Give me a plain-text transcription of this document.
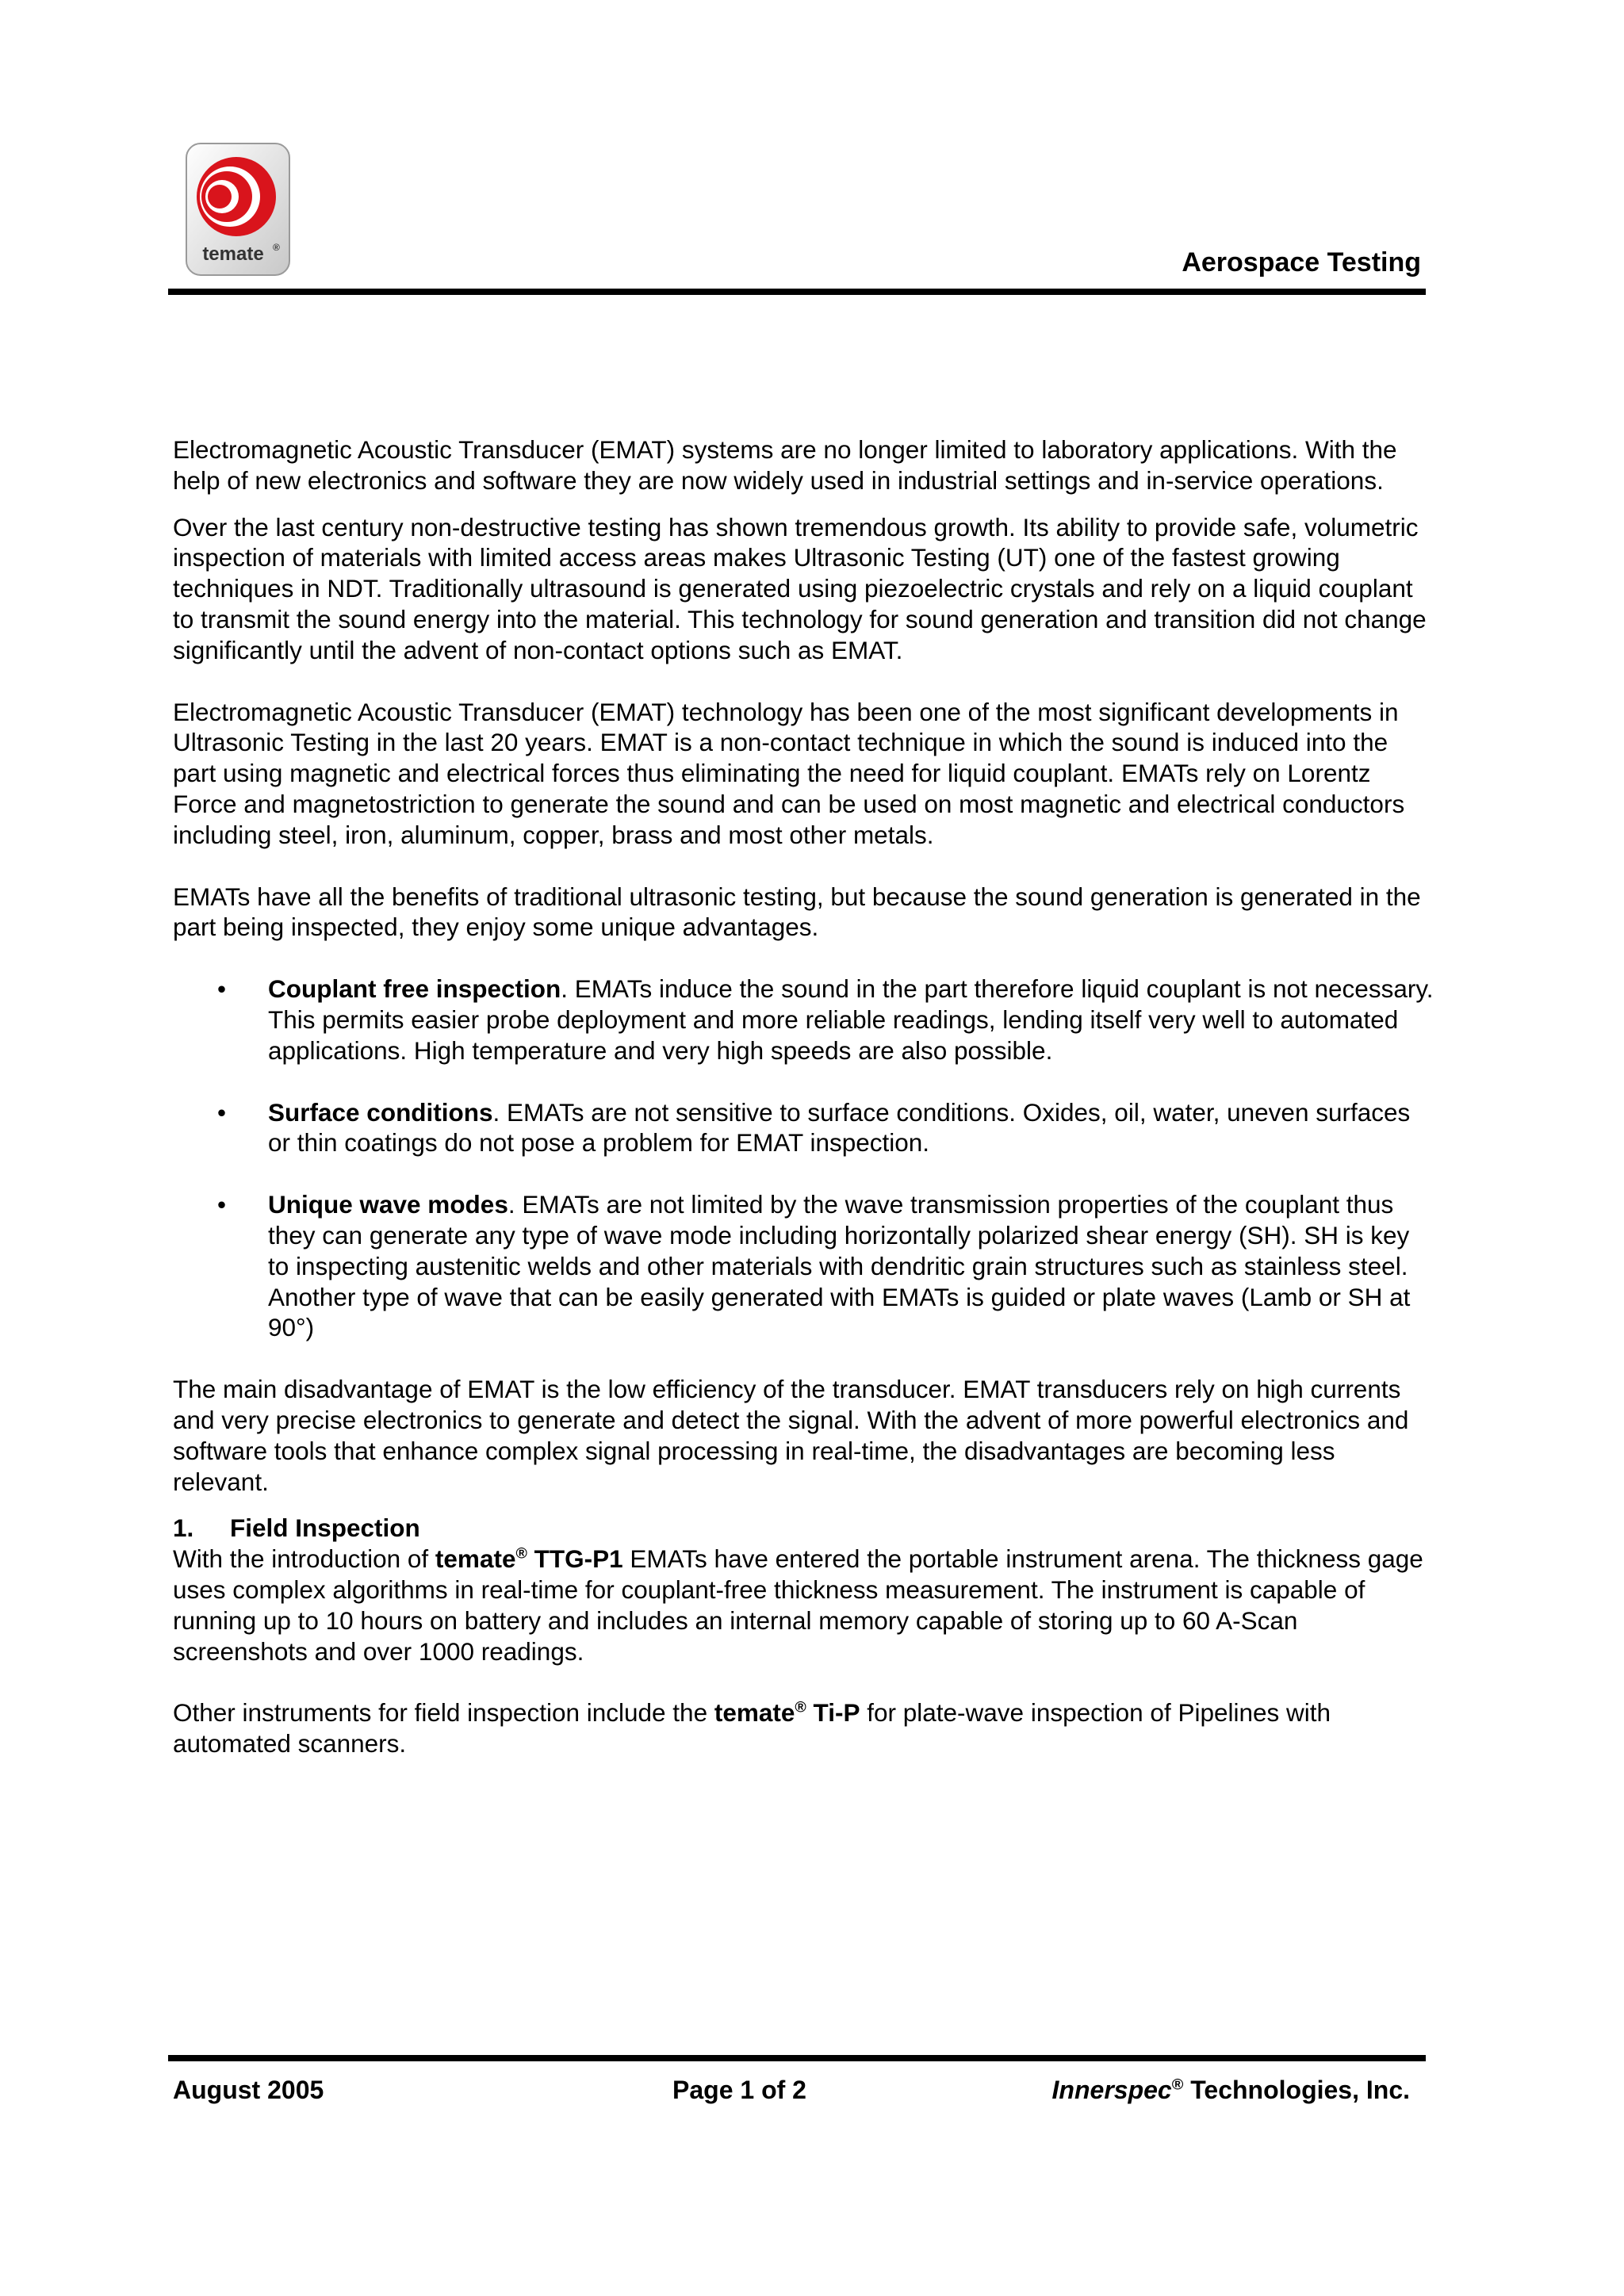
temate ®	Aerospace Testing

Electromagnetic Acoustic Transducer (EMAT) systems are no longer limited to laboratory applications. With the help of new electronics and software they are now widely used in industrial settings and in-service operations.

Over the last century non-destructive testing has shown tremendous growth. Its ability to provide safe, volumetric inspection of materials with limited access areas makes Ultrasonic Testing (UT) one of the fastest growing techniques in NDT. Traditionally ultrasound is generated using piezoelectric crystals and rely on a liquid couplant to transmit the sound energy into the material. This technology for sound generation and transition did not change significantly until the advent of non-contact options such as EMAT.

Electromagnetic Acoustic Transducer (EMAT) technology has been one of the most significant developments in Ultrasonic Testing in the last 20 years. EMAT is a non-contact technique in which the sound is induced into the part using magnetic and electrical forces thus eliminating the need for liquid couplant. EMATs rely on Lorentz Force and magnetostriction to generate the sound and can be used on most magnetic and electrical conductors including steel, iron, aluminum, copper, brass and most other metals.

EMATs have all the benefits of traditional ultrasonic testing, but because the sound generation is generated in the part being inspected, they enjoy some unique advantages.

• Couplant free inspection. EMATs induce the sound in the part therefore liquid couplant is not necessary. This permits easier probe deployment and more reliable readings, lending itself very well to automated applications. High temperature and very high speeds are also possible.
• Surface conditions. EMATs are not sensitive to surface conditions. Oxides, oil, water, uneven surfaces or thin coatings do not pose a problem for EMAT inspection.
• Unique wave modes. EMATs are not limited by the wave transmission properties of the couplant thus they can generate any type of wave mode including horizontally polarized shear energy (SH). SH is key to inspecting austenitic welds and other materials with dendritic grain structures such as stainless steel. Another type of wave that can be easily generated with EMATs is guided or plate waves (Lamb or SH at 90°)

The main disadvantage of EMAT is the low efficiency of the transducer. EMAT transducers rely on high currents and very precise electronics to generate and detect the signal. With the advent of more powerful electronics and software tools that enhance complex signal processing in real-time, the disadvantages are becoming less relevant.

1. Field Inspection

With the introduction of temate® TTG-P1 EMATs have entered the portable instrument arena. The thickness gage uses complex algorithms in real-time for couplant-free thickness measurement. The instrument is capable of running up to 10 hours on battery and includes an internal memory capable of storing up to 60 A-Scan screenshots and over 1000 readings.

Other instruments for field inspection include the temate® Ti-P for plate-wave inspection of Pipelines with automated scanners.

August 2005	Page 1 of 2	Innerspec® Technologies, Inc.
